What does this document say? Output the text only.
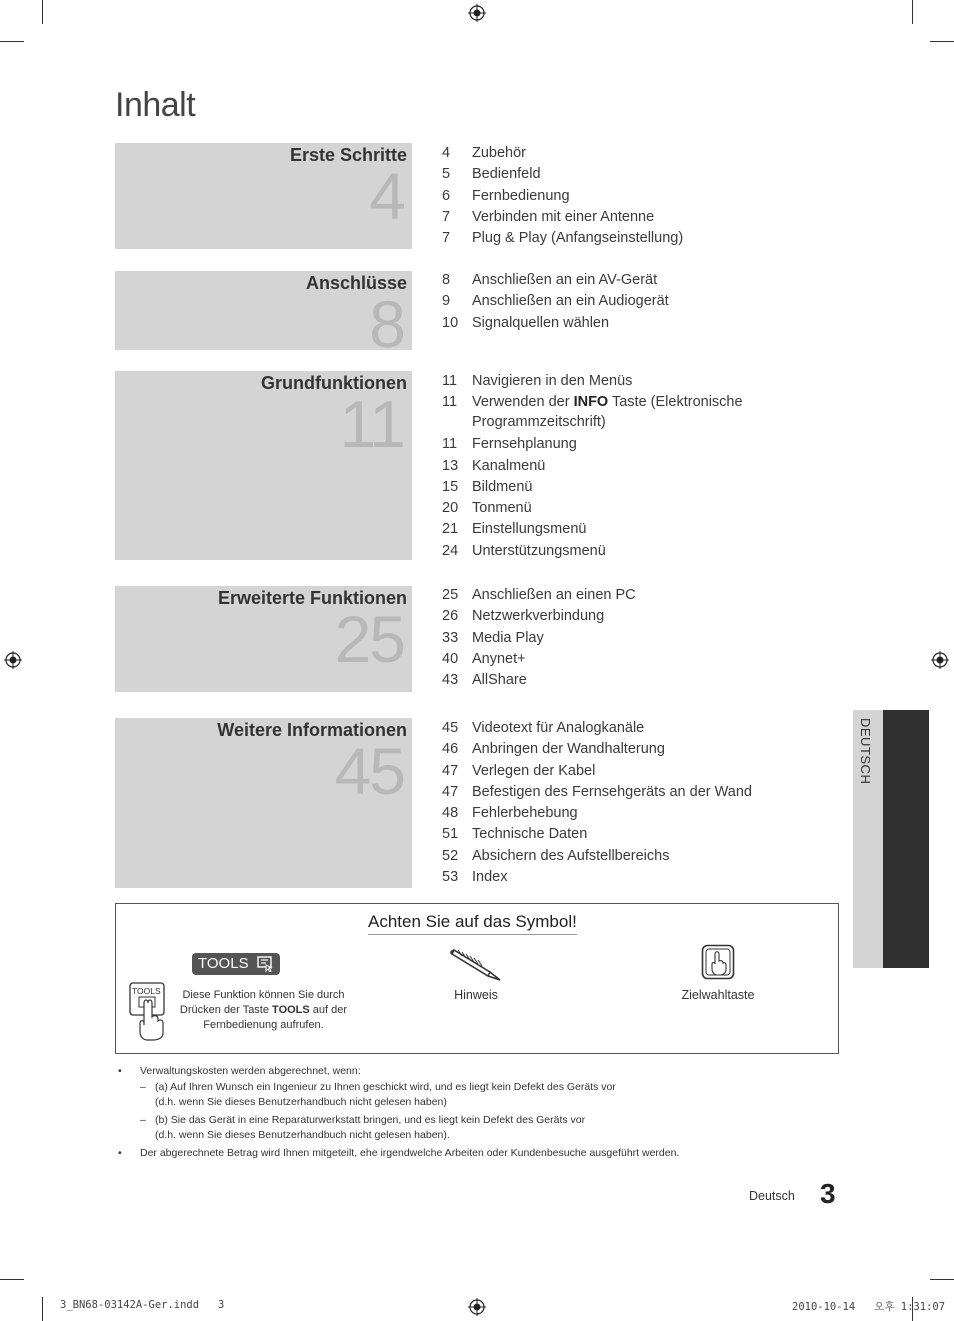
Inhalt
Erste Schritte
4
Anschlüsse
8
Grundfunktionen
11
Erweiterte Funktionen
25
Weitere Informationen
45
4	Zubehör
5	Bedienfeld
6	Fernbedienung
7	Verbinden mit einer Antenne
7	Plug & Play (Anfangseinstellung)
8	Anschließen an ein AV-Gerät
9	Anschließen an ein Audiogerät
10 Signalquellen wählen
11	Navigieren in den Menüs
11	Verwenden der INFO Taste (Elektronische
Programmzeitschrift)
11	Fernsehplanung
13 Kanalmenü
15 Bildmenü
20 Tonmenü
21 Einstellungsmenü
24 Unterstützungsmenü
25 Anschließen an einen PC
26 Netzwerkverbindung
33 Media Play
40 Anynet+
43 AllShare
45 Videotext für Analogkanäle
46 Anbringen der Wandhalterung
47 Verlegen der Kabel
47 Befestigen des Fernsehgeräts an der Wand
48 Fehlerbehebung
51 Technische Daten
52 Absichern des Aufstellbereichs
53 Index
DEUTSCH
Achten Sie auf das Symbol!
TOOLS
TOOLS	Diese Funktion können Sie durch Drücken der Taste TOOLS auf der Fernbedienung aufrufen.
Hinweis	Zielwahltaste
• Verwaltungskosten werden abgerechnet, wenn:
– (a) Auf Ihren Wunsch ein Ingenieur zu Ihnen geschickt wird, und es liegt kein Defekt des Geräts vor
(d.h. wenn Sie dieses Benutzerhandbuch nicht gelesen haben)
– (b) Sie das Gerät in eine Reparaturwerkstatt bringen, und es liegt kein Defekt des Geräts vor
(d.h. wenn Sie dieses Benutzerhandbuch nicht gelesen haben).
• Der abgerechnete Betrag wird Ihnen mitgeteilt, ehe irgendwelche Arbeiten oder Kundenbesuche ausgeführt werden.
Deutsch 3
3_BN68-03142A-Ger.indd   3	2010-10-14   오후 1:31:07
